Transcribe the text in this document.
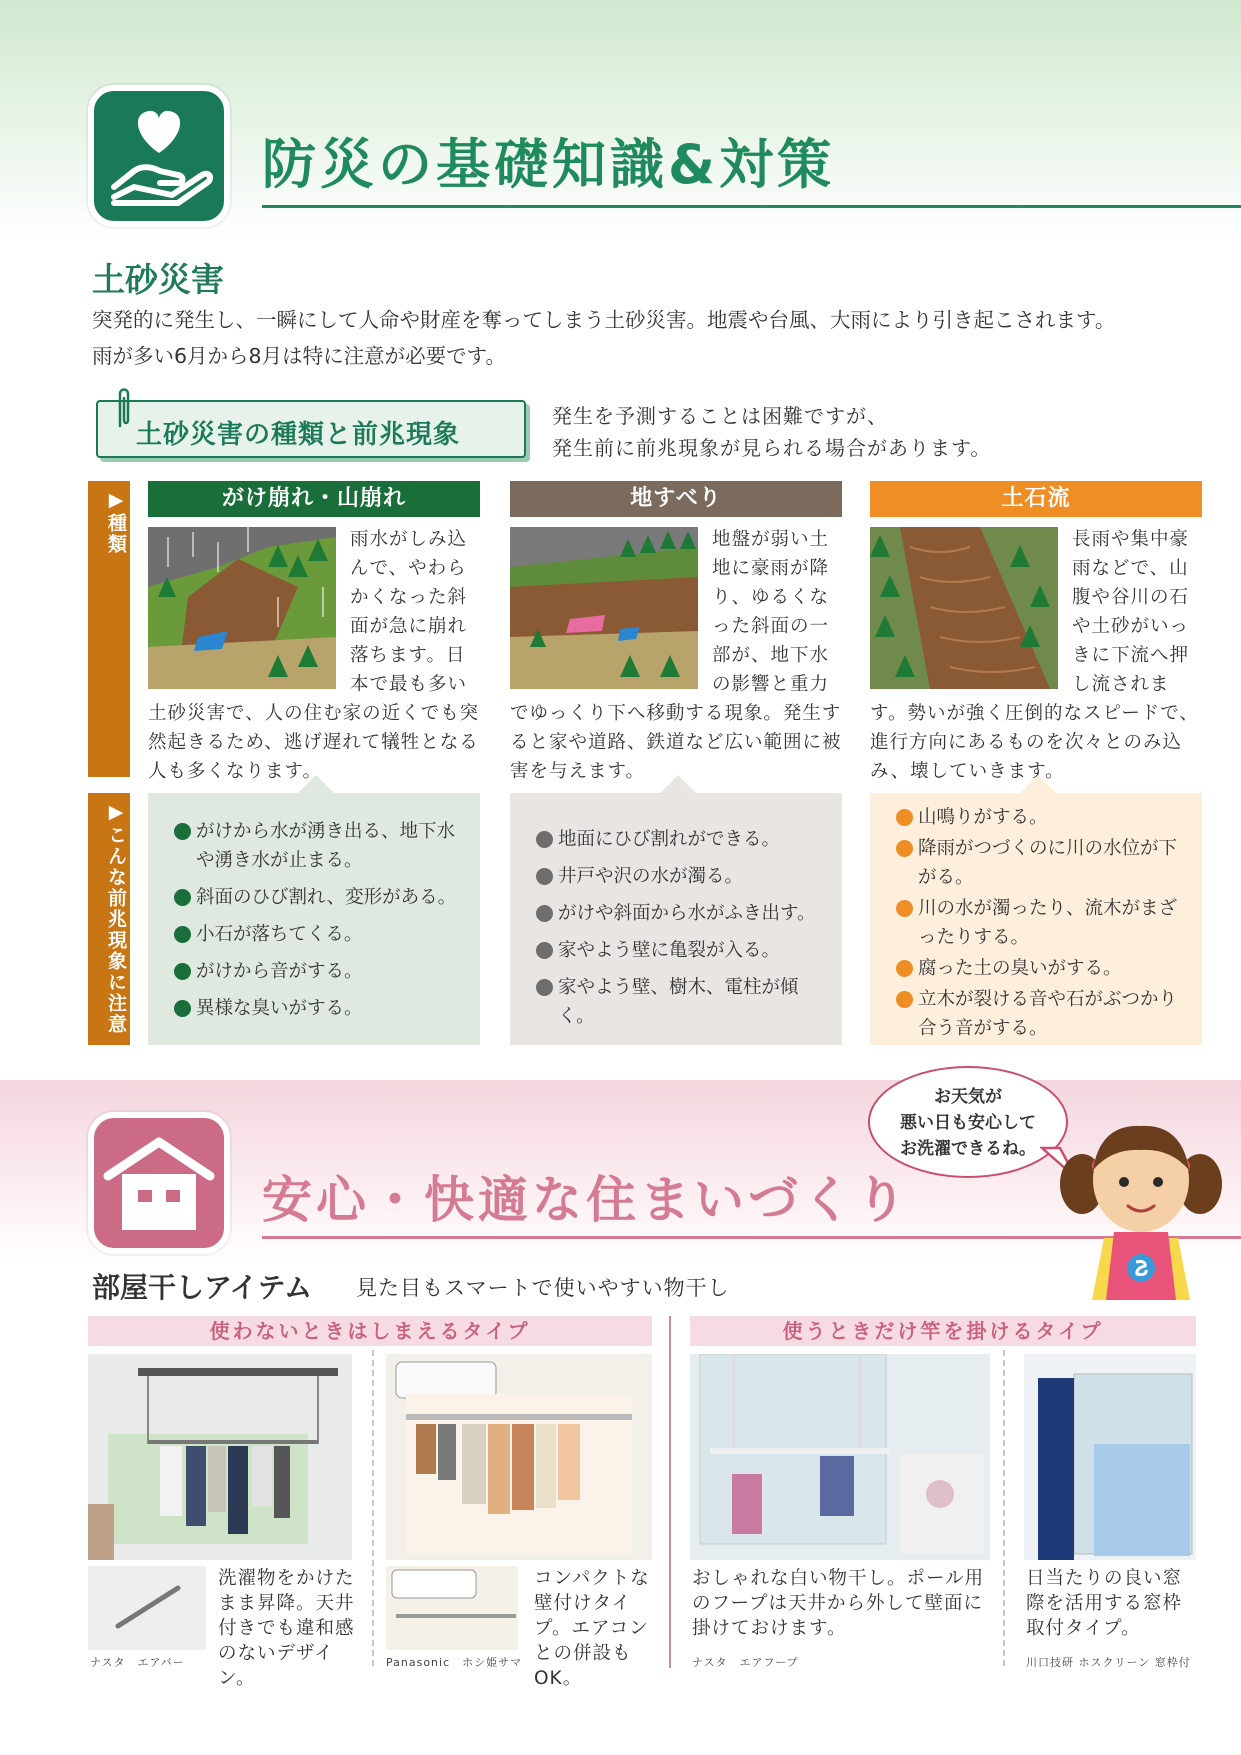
防災の基礎知識&対策
土砂災害
突発的に発生し、一瞬にして人命や財産を奪ってしまう土砂災害。地震や台風、大雨により引き起こされます。
雨が多い6月から8月は特に注意が必要です。
土砂災害の種類と前兆現象
発生を予測することは困難ですが、
発生前に前兆現象が見られる場合があります。
▶種類
▶こんな前兆現象に注意
がけ崩れ・山崩れ
雨水がしみ込んで、やわらかくなった斜面が急に崩れ落ちます。日本で最も多い土砂災害で、人の住む家の近くでも突然起きるため、逃げ遅れて犠牲となる人も多くなります。
地すべり
地盤が弱い土地に豪雨が降り、ゆるくなった斜面の一部が、地下水の影響と重力でゆっくり下へ移動する現象。発生すると家や道路、鉄道など広い範囲に被害を与えます。
土石流
長雨や集中豪雨などで、山腹や谷川の石や土砂がいっきに下流へ押し流されます。勢いが強く圧倒的なスピードで、進行方向にあるものを次々とのみ込み、壊していきます。
がけから水が湧き出る、地下水や湧き水が止まる。
斜面のひび割れ、変形がある。
小石が落ちてくる。
がけから音がする。
異様な臭いがする。
地面にひび割れができる。
井戸や沢の水が濁る。
がけや斜面から水がふき出す。
家やよう壁に亀裂が入る。
家やよう壁、樹木、電柱が傾く。
山鳴りがする。
降雨がつづくのに川の水位が下がる。
川の水が濁ったり、流木がまざったりする。
腐った土の臭いがする。
立木が裂ける音や石がぶつかり合う音がする。
安心・快適な住まいづくり
お天気が
悪い日も安心して
お洗濯できるね。
部屋干しアイテム 見た目もスマートで使いやすい物干し
使わないときはしまえるタイプ	使うときだけ竿を掛けるタイプ
洗濯物をかけたまま昇降。天井付きでも違和感のないデザイン。
ナスタ　エアバー
コンパクトな壁付けタイプ。エアコンとの併設もOK。
Panasonic　ホシ姫サマ
おしゃれな白い物干し。ポール用のフープは天井から外して壁面に掛けておけます。
ナスタ　エアフープ
日当たりの良い窓際を活用する窓枠取付タイプ。
川口技研 ホスクリーン 窓枠付
